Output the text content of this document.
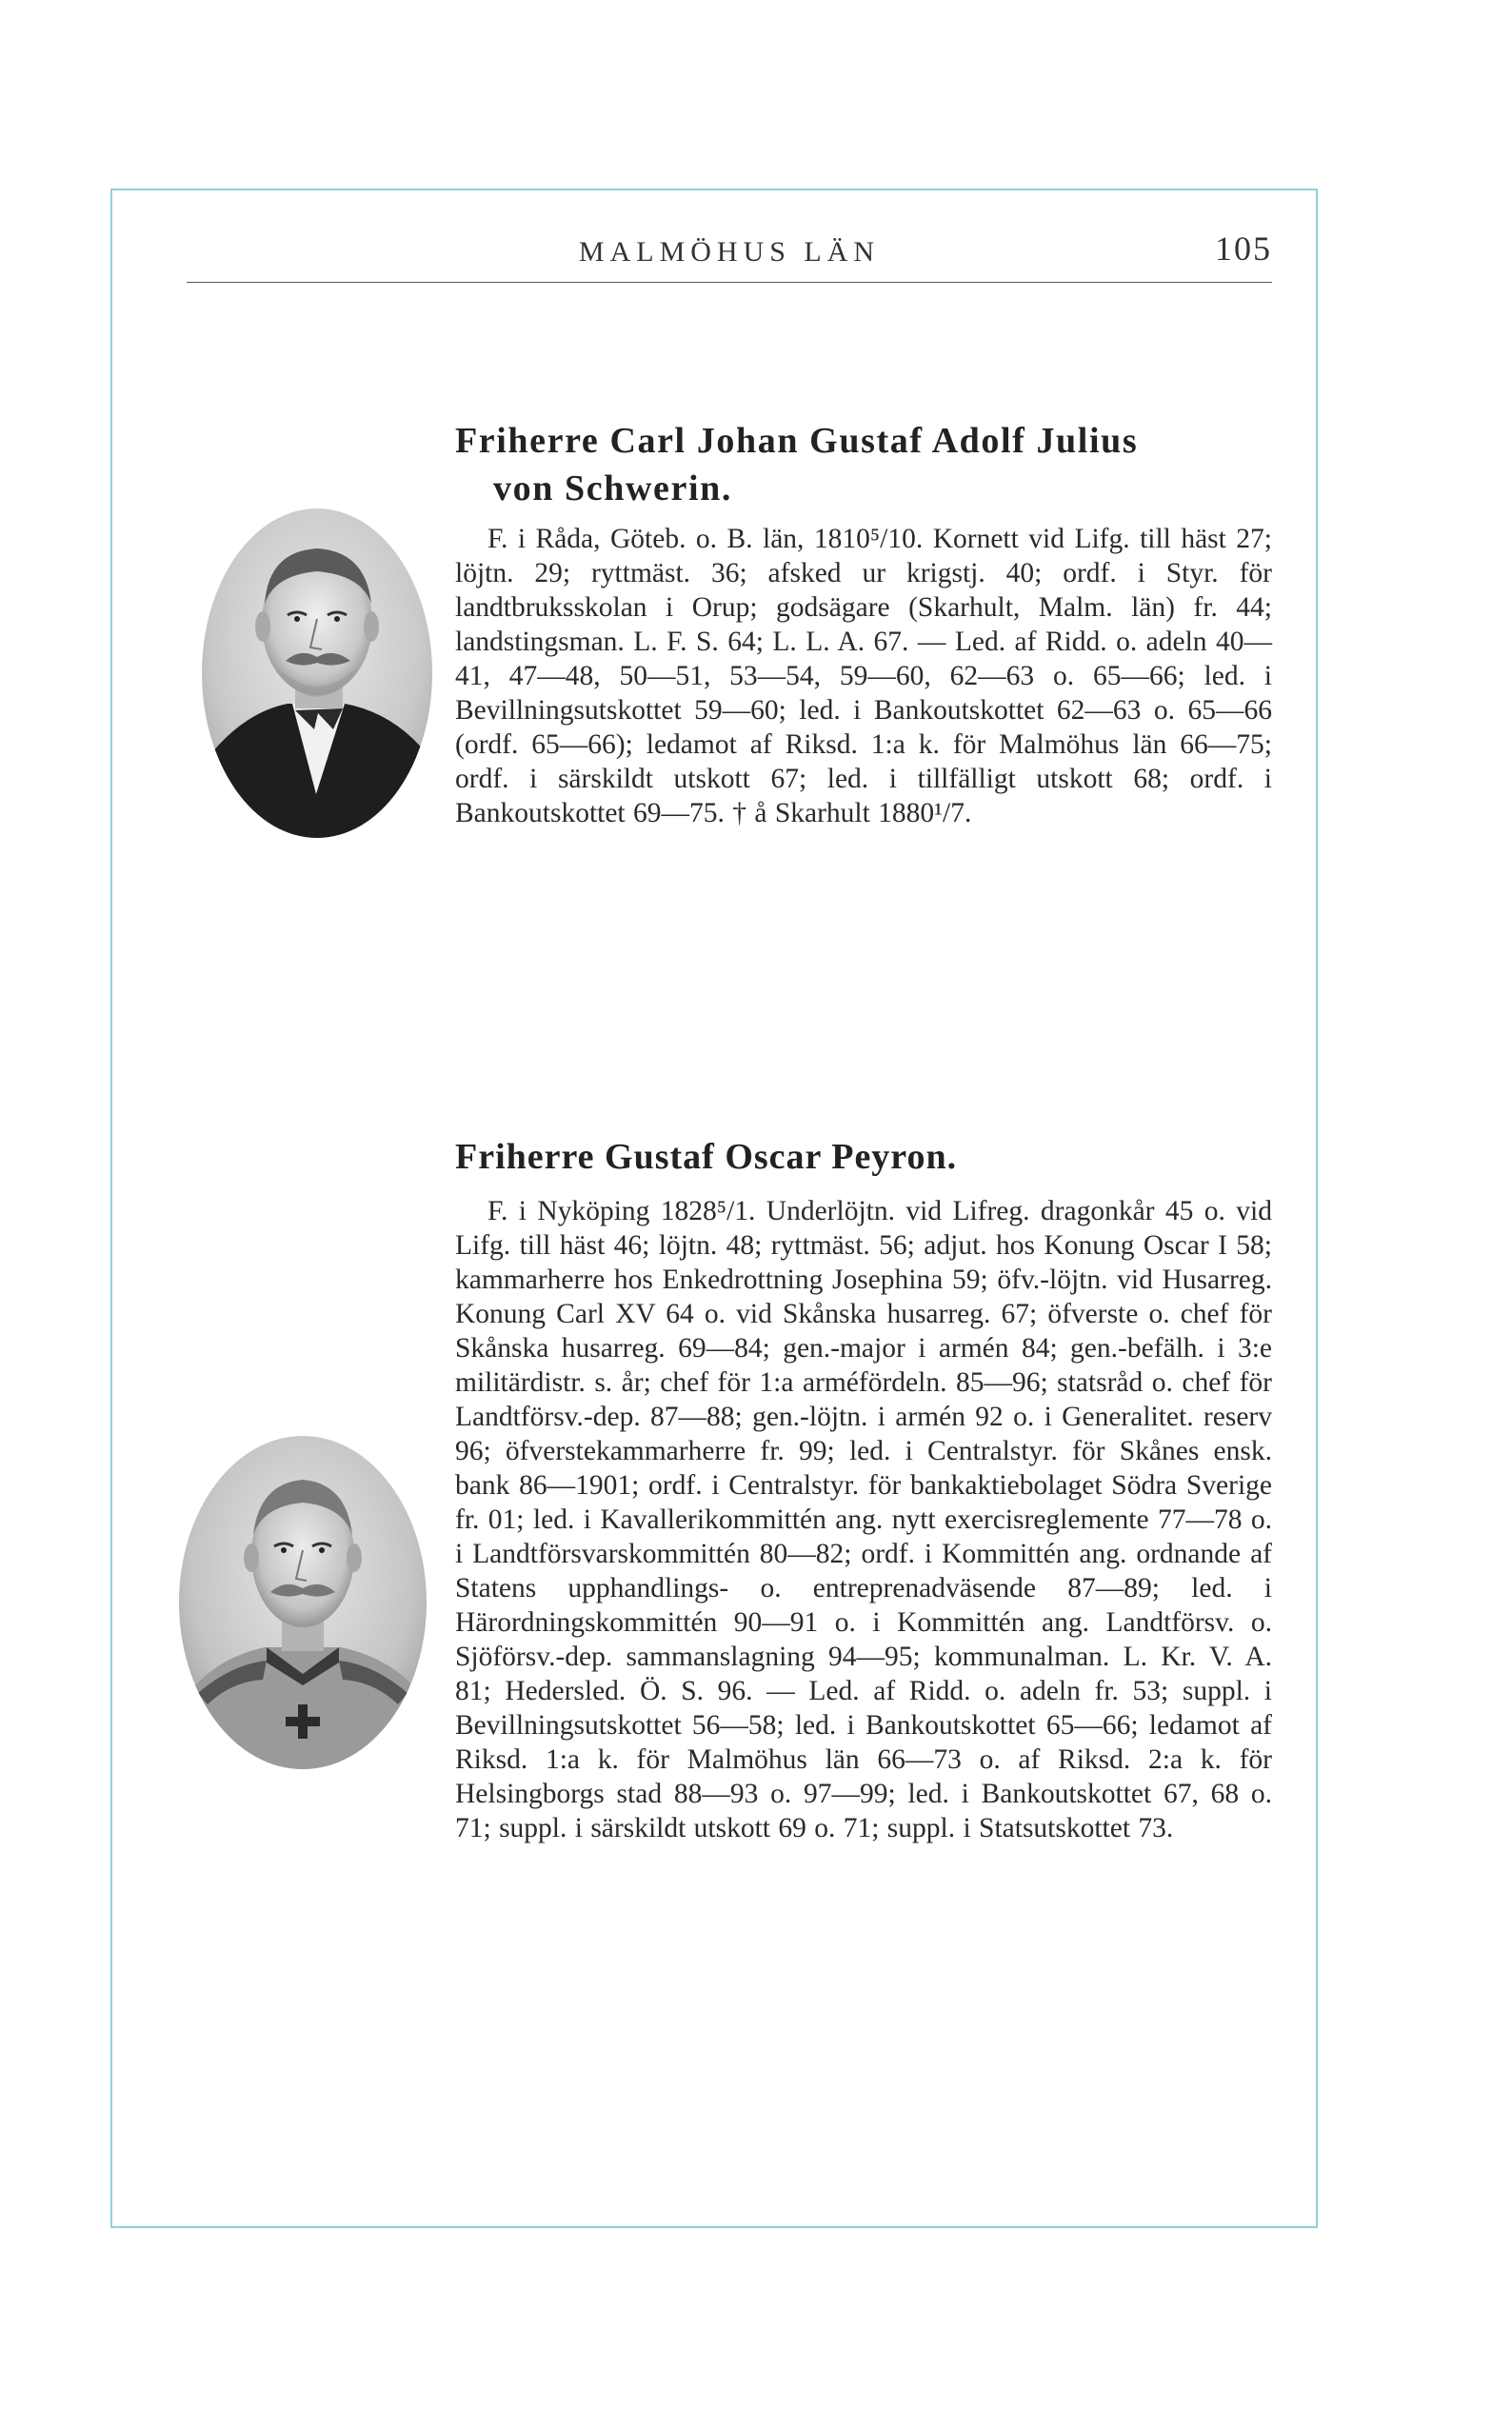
MALMÖHUS LÄN	105
Friherre Carl Johan Gustaf Adolf Julius
von Schwerin.

F. i Råda, Göteb. o. B. län, 1810⁵/10. Kornett vid Lifg. till häst 27; löjtn. 29; ryttmäst. 36; afsked ur krigstj. 40; ordf. i Styr. för landtbruksskolan i Orup; godsägare (Skarhult, Malm. län) fr. 44; landstingsman. L. F. S. 64; L. L. A. 67. — Led. af Ridd. o. adeln 40—41, 47—48, 50—51, 53—54, 59—60, 62—63 o. 65—66; led. i Bevillningsutskottet 59—60; led. i Bankoutskottet 62—63 o. 65—66 (ordf. 65—66); ledamot af Riksd. 1:a k. för Malmöhus län 66—75; ordf. i särskildt utskott 67; led. i tillfälligt utskott 68; ordf. i Bankoutskottet 69—75. † å Skarhult 1880¹/7.

Friherre Gustaf Oscar Peyron.

F. i Nyköping 1828⁵/1. Underlöjtn. vid Lifreg. dragonkår 45 o. vid Lifg. till häst 46; löjtn. 48; ryttmäst. 56; adjut. hos Konung Oscar I 58; kammarherre hos Enkedrottning Josephina 59; öfv.-löjtn. vid Husarreg. Konung Carl XV 64 o. vid Skånska husarreg. 67; öfverste o. chef för Skånska husarreg. 69—84; gen.-major i armén 84; gen.-befälh. i 3:e militärdistr. s. år; chef för 1:a arméfördeln. 85—96; statsråd o. chef för Landtförsv.-dep. 87—88; gen.-löjtn. i armén 92 o. i Generalitet. reserv 96; öfverstekammarherre fr. 99; led. i Centralstyr. för Skånes ensk. bank 86—1901; ordf. i Centralstyr. för bankaktiebolaget Södra Sverige fr. 01; led. i Kavallerikommittén ang. nytt exercisreglemente 77—78 o. i Landtförsvarskommittén 80—82; ordf. i Kommittén ang. ordnande af Statens upphandlings- o. entreprenadväsende 87—89; led. i Härordningskommittén 90—91 o. i Kommittén ang. Landtförsv. o. Sjöförsv.-dep. sammanslagning 94—95; kommunalman. L. Kr. V. A. 81; Hedersled. Ö. S. 96. — Led. af Ridd. o. adeln fr. 53; suppl. i Bevillningsutskottet 56—58; led. i Bankoutskottet 65—66; ledamot af Riksd. 1:a k. för Malmöhus län 66—73 o. af Riksd. 2:a k. för Helsingborgs stad 88—93 o. 97—99; led. i Bankoutskottet 67, 68 o. 71; suppl. i särskildt utskott 69 o. 71; suppl. i Statsutskottet 73.
